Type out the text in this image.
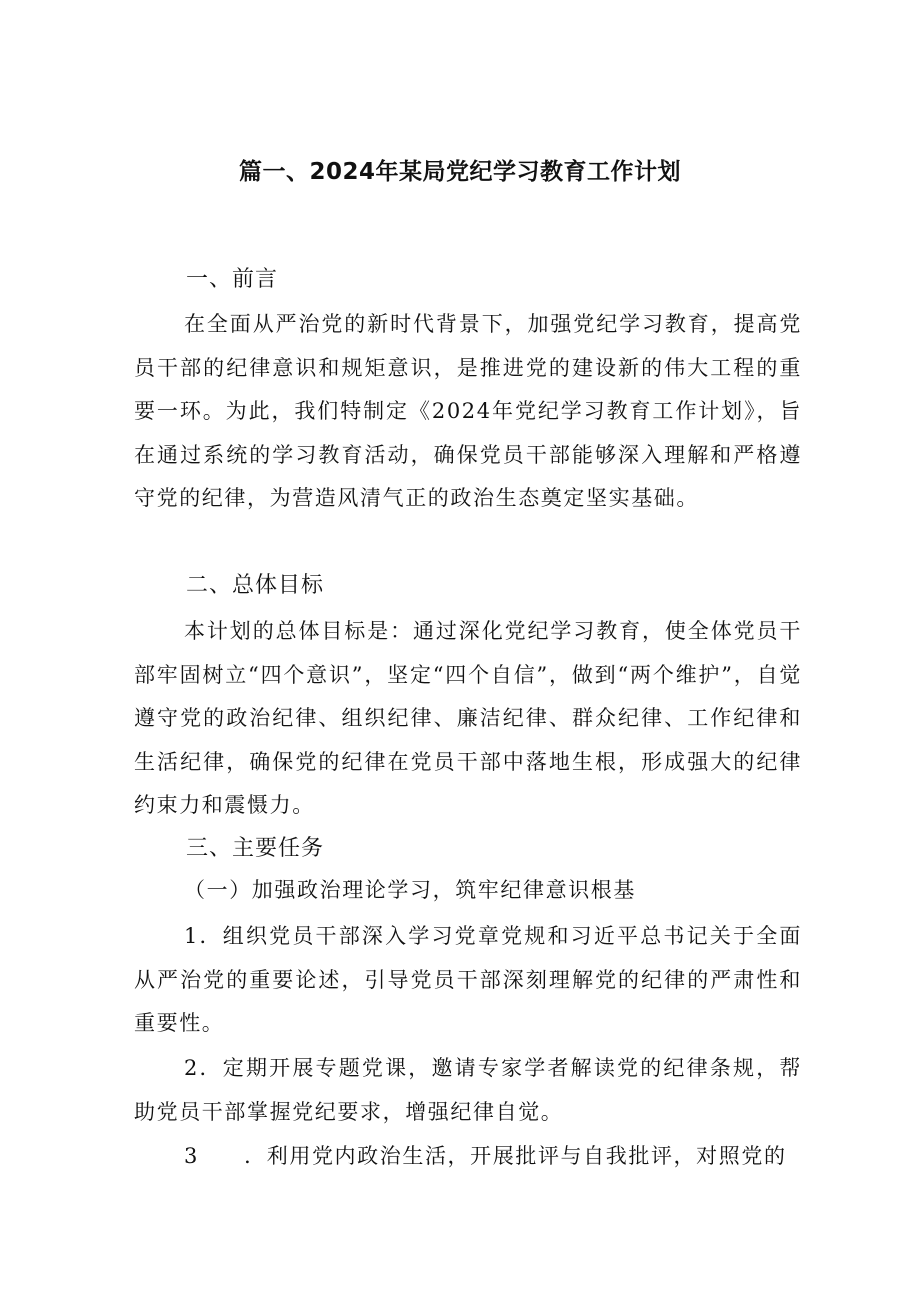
篇一、2024年某局党纪学习教育工作计划
一、前言
在全面从严治党的新时代背景下，加强党纪学习教育，提高党员干部的纪律意识和规矩意识，是推进党的建设新的伟大工程的重要一环。为此，我们特制定《2024年党纪学习教育工作计划》，旨在通过系统的学习教育活动，确保党员干部能够深入理解和严格遵守党的纪律，为营造风清气正的政治生态奠定坚实基础。
二、总体目标
本计划的总体目标是：通过深化党纪学习教育，使全体党员干部牢固树立“四个意识”，坚定“四个自信”，做到“两个维护”，自觉遵守党的政治纪律、组织纪律、廉洁纪律、群众纪律、工作纪律和生活纪律，确保党的纪律在党员干部中落地生根，形成强大的纪律约束力和震慑力。
三、主要任务
（一）加强政治理论学习，筑牢纪律意识根基
1．组织党员干部深入学习党章党规和习近平总书记关于全面从严治党的重要论述，引导党员干部深刻理解党的纪律的严肃性和重要性。
2．定期开展专题党课，邀请专家学者解读党的纪律条规，帮助党员干部掌握党纪要求，增强纪律自觉。
3　　．利用党内政治生活，开展批评与自我批评，对照党的
